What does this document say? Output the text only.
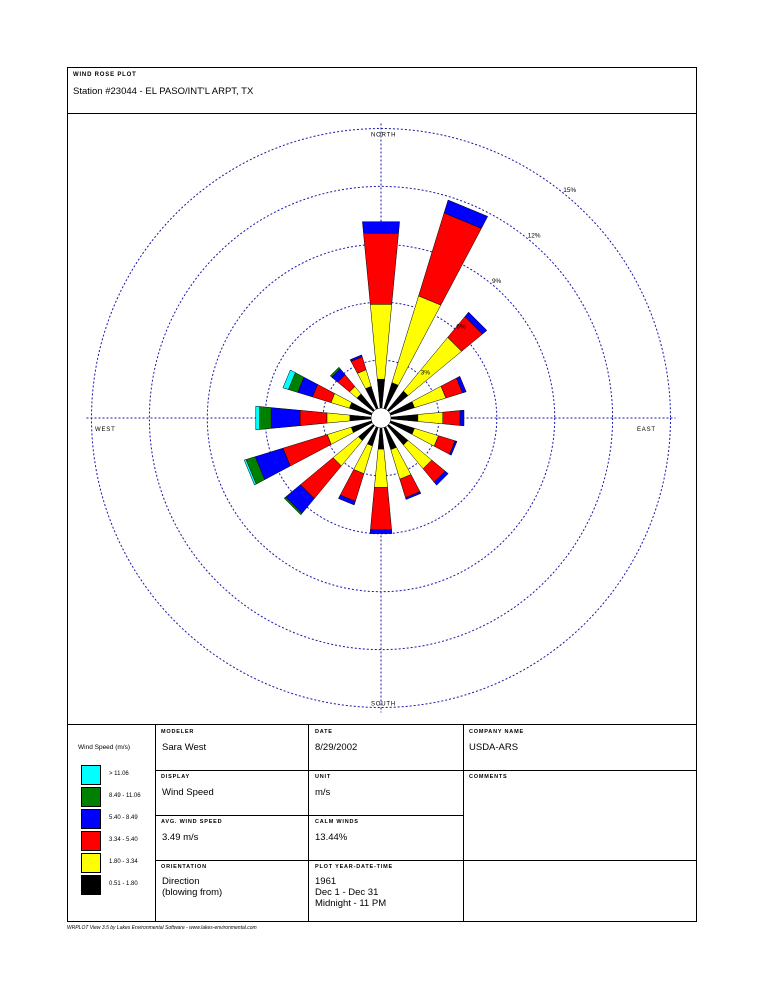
WIND ROSE PLOT
Station #23044 - EL PASO/INT'L ARPT, TX
3%
6%
9%
12%
15%
NORTH
SOUTH
EAST
WEST
Wind Speed (m/s)
> 11.06
8.49 - 11.06
5.40 - 8.49
3.34 - 5.40
1.80 - 3.34
0.51 - 1.80
MODELER
Sara West
DATE
8/29/2002
COMPANY NAME
USDA-ARS
DISPLAY
Wind Speed
UNIT
m/s
COMMENTS
AVG. WIND SPEED
3.49 m/s
CALM WINDS
13.44%
ORIENTATION
Direction
(blowing from)
PLOT YEAR-DATE-TIME
1961
Dec 1 - Dec 31
Midnight - 11 PM
WRPLOT View 3.5 by Lakes Environmental Software - www.lakes-environmental.com
